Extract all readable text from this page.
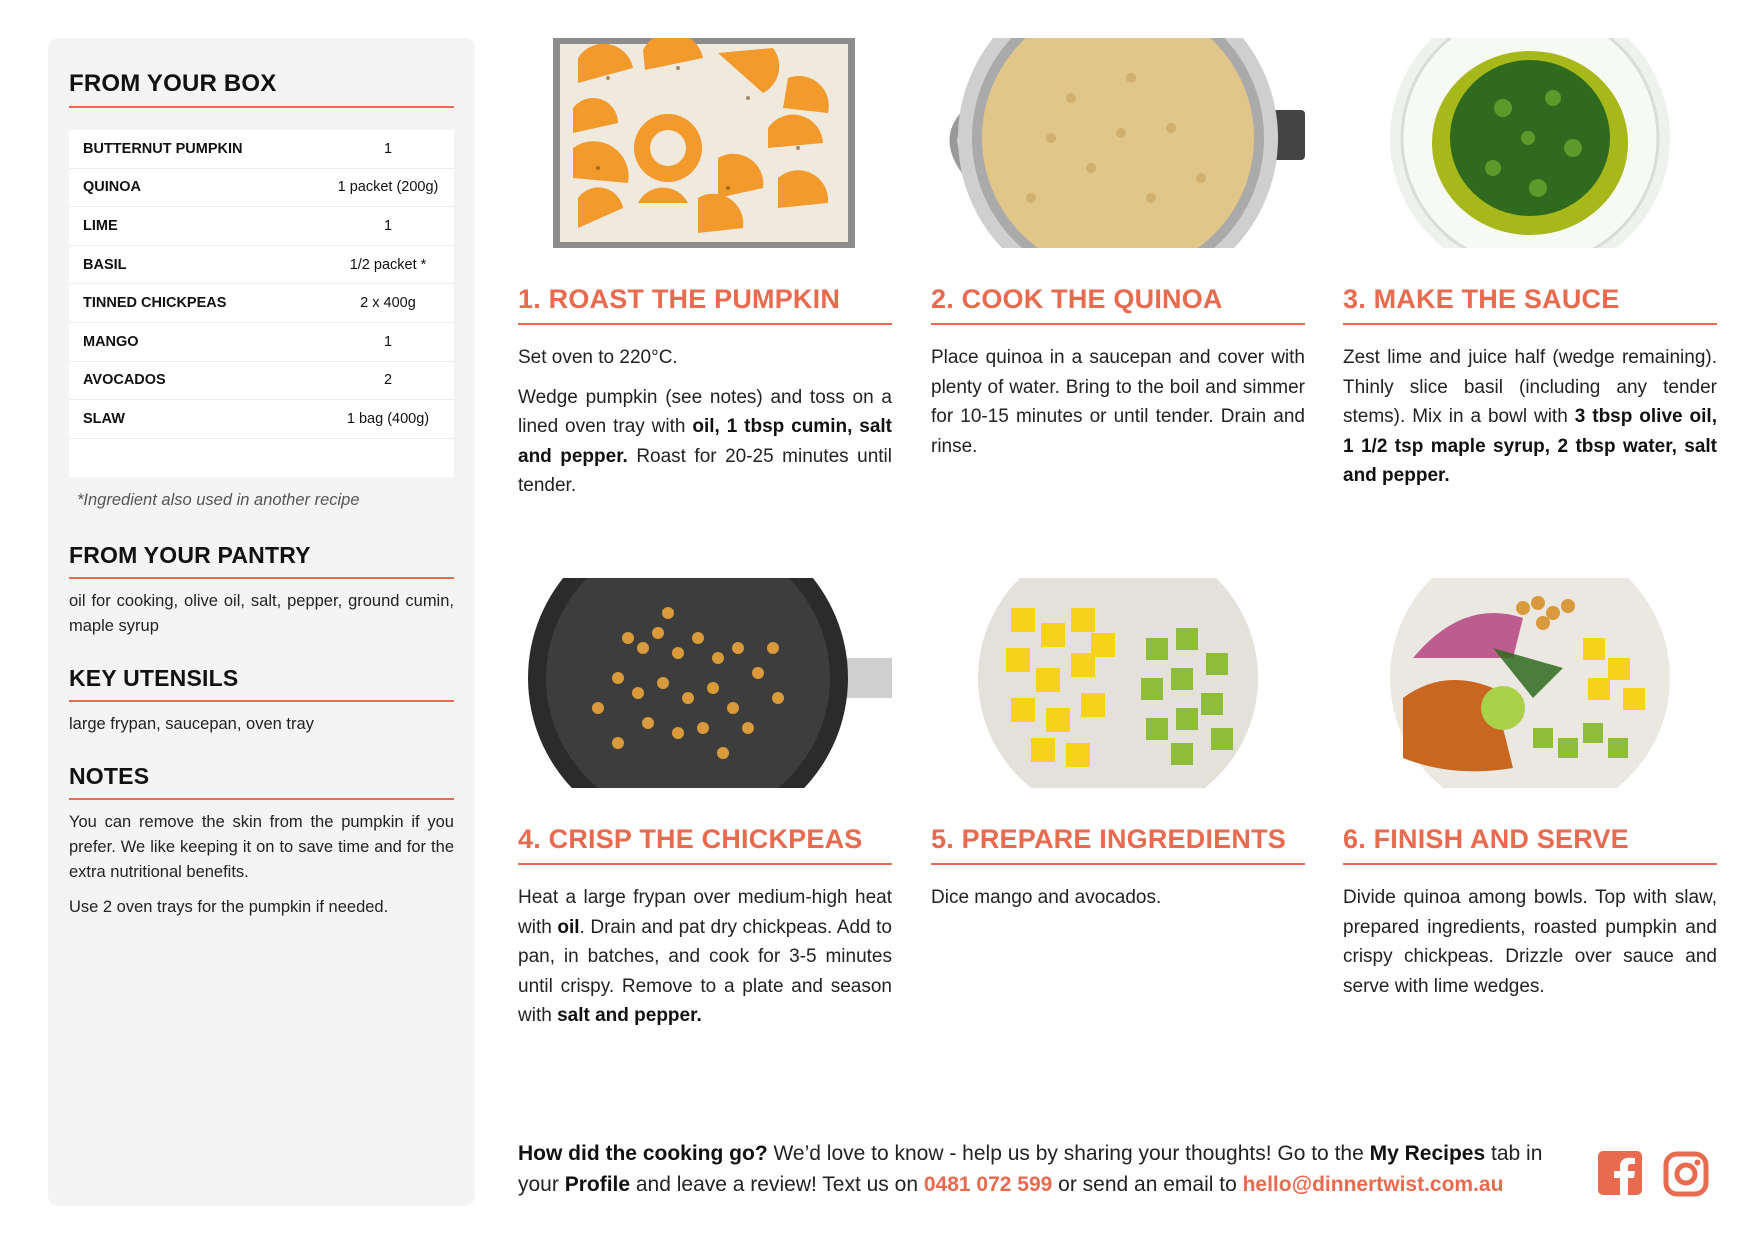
FROM YOUR BOX
BUTTERNUT PUMPKIN	1
QUINOA	1 packet (200g)
LIME	1
BASIL	1/2 packet *
TINNED CHICKPEAS	2 x 400g
MANGO	1
AVOCADOS	2
SLAW	1 bag (400g)
*Ingredient also used in another recipe
FROM YOUR PANTRY
oil for cooking, olive oil, salt, pepper, ground cumin, maple syrup
KEY UTENSILS
large frypan, saucepan, oven tray
NOTES

You can remove the skin from the pumpkin if you prefer. We like keeping it on to save time and for the extra nutritional benefits.

Use 2 oven trays for the pumpkin if needed.

1. ROAST THE PUMPKIN

Set oven to 220°C.

Wedge pumpkin (see notes) and toss on a lined oven tray with oil, 1 tbsp cumin, salt and pepper. Roast for 20-25 minutes until tender.

2. COOK THE QUINOA

Place quinoa in a saucepan and cover with plenty of water. Bring to the boil and simmer for 10-15 minutes or until tender. Drain and rinse.

3. MAKE THE SAUCE

Zest lime and juice half (wedge remaining). Thinly slice basil (including any tender stems). Mix in a bowl with 3 tbsp olive oil, 1 1/2 tsp maple syrup, 2 tbsp water, salt and pepper.

4. CRISP THE CHICKPEAS

Heat a large frypan over medium-high heat with oil. Drain and pat dry chickpeas. Add to pan, in batches, and cook for 3-5 minutes until crispy. Remove to a plate and season with salt and pepper.

5. PREPARE INGREDIENTS

Dice mango and avocados.

6. FINISH AND SERVE

Divide quinoa among bowls. Top with slaw, prepared ingredients, roasted pumpkin and crispy chickpeas. Drizzle over sauce and serve with lime wedges.

How did the cooking go? We’d love to know - help us by sharing your thoughts! Go to the My Recipes tab in your Profile and leave a review! Text us on 0481 072 599 or send an email to hello@dinnertwist.com.au
